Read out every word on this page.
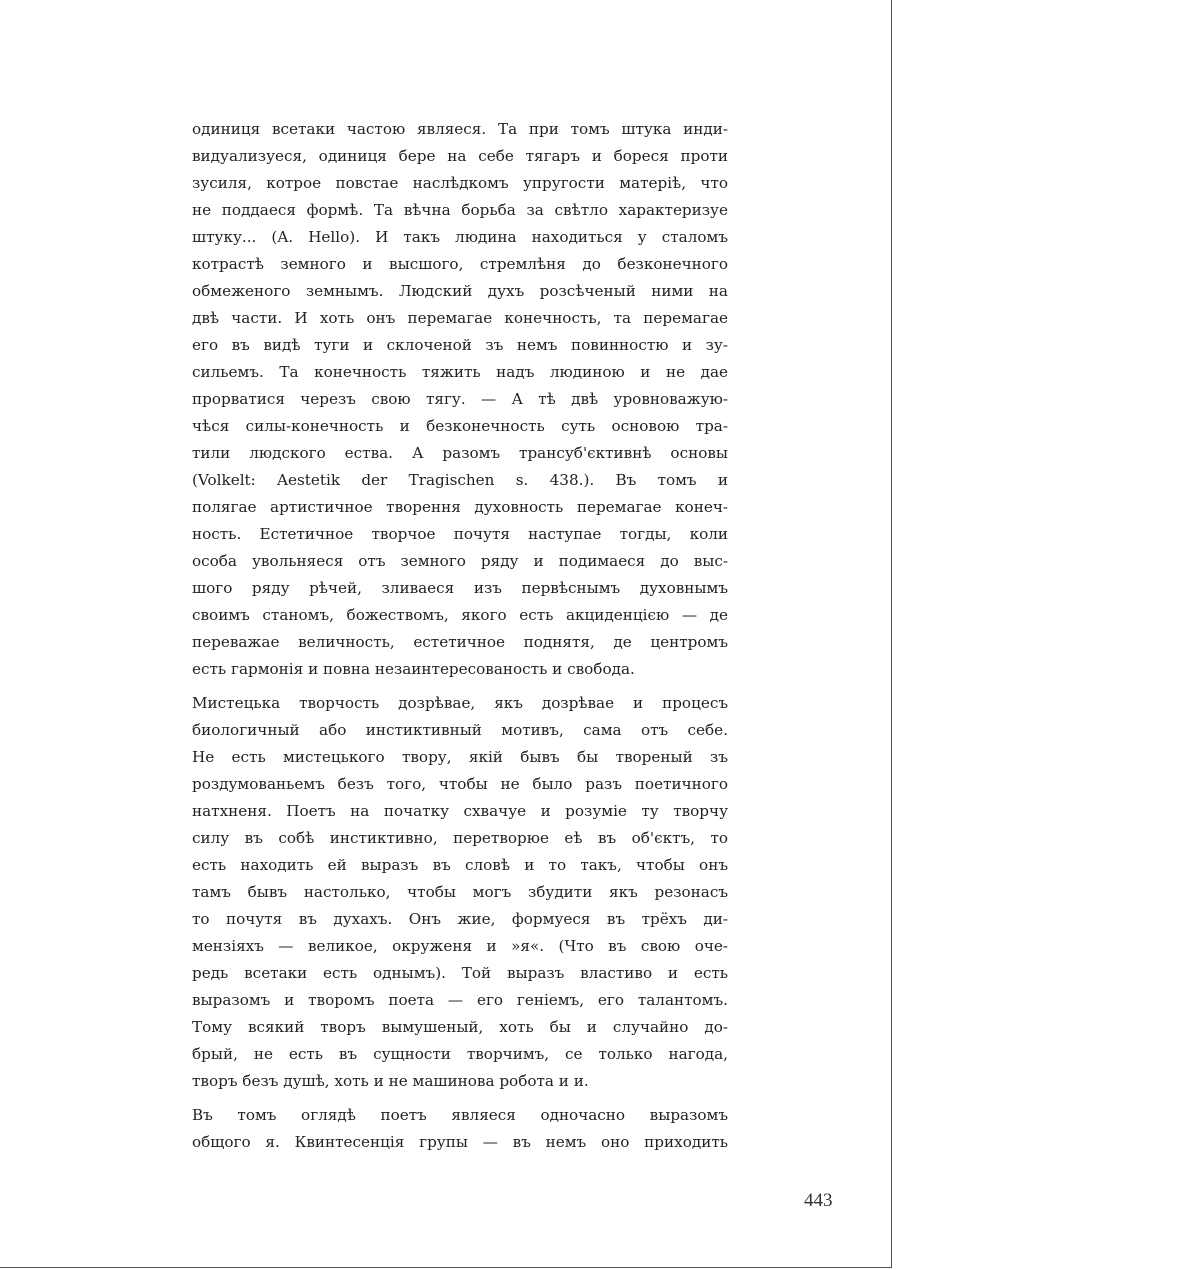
одиниця всетаки частою являеся. Та при томъ штука инди-
видуализуеся, одиниця бере на себе тягаръ и бореся проти
зусиля, котрое повстае наслѣдкомъ упругости матеріѣ, что
не поддаеся формѣ. Та вѣчна борьба за свѣтло характеризуе
штуку... (A. Hello). И такъ людина находиться у сталомъ
котрастѣ земного и высшого, стремлѣня до безконечного
обмеженого земнымъ. Людский духъ розсѣченый ними на
двѣ части. И хоть онъ перемагае конечность, та перемагае
его въ видѣ туги и склоченой зъ немъ повинностю и зу-
сильемъ. Та конечность тяжить надъ людиною и не дае
прорватися черезъ свою тягу. — А тѣ двѣ уровноважую-
чѣся силы-конечность и безконечность суть основою тра-
тили людского ества. А разомъ трансуб'єктивнѣ основы
(Volkelt: Aestetik der Tragischen s. 438.). Въ томъ и
полягае артистичное творення духовность перемагае конеч-
ность. Естетичное творчое почутя наступае тогды, коли
особа увольняеся отъ земного ряду и подимаеся до выс-
шого ряду рѣчей, зливаеся изъ первѣснымъ духовнымъ
своимъ станомъ, божествомъ, якого есть акциденцією — де
переважае величность, естетичное поднятя, де центромъ
есть гармонія и повна незаинтересованость и свобода.
Мистецька творчость дозрѣвае, якъ дозрѣвае и процесъ
биологичный або инстиктивный мотивъ, сама отъ себе.
Не есть мистецького твору, якій бывъ бы твореный зъ
роздумованьемъ безъ того, чтобы не было разъ поетичного
натхненя. Поетъ на початку схвачуе и розуміе ту творчу
силу въ собѣ инстиктивно, перетворюе еѣ въ об'єктъ, то
есть находить ей выразъ въ словѣ и то такъ, чтобы онъ
тамъ бывъ настолько, чтобы могъ збудити якъ резонасъ
то почутя въ духахъ. Онъ жие, формуеся въ трёхъ ди-
мензіяхъ — великое, окруженя и »я«. (Что въ свою оче-
редь всетаки есть однымъ). Той выразъ властиво и есть
выразомъ и творомъ поета — его геніемъ, его талантомъ.
Тому всякий творъ вымушеный, хоть бы и случайно до-
брый, не есть въ сущности творчимъ, се только нагода,
творъ безъ душѣ, хоть и не машинова робота и и.
Въ томъ оглядѣ поетъ являеся одночасно выразомъ
общого я. Квинтесенція групы — въ немъ оно приходить
443
